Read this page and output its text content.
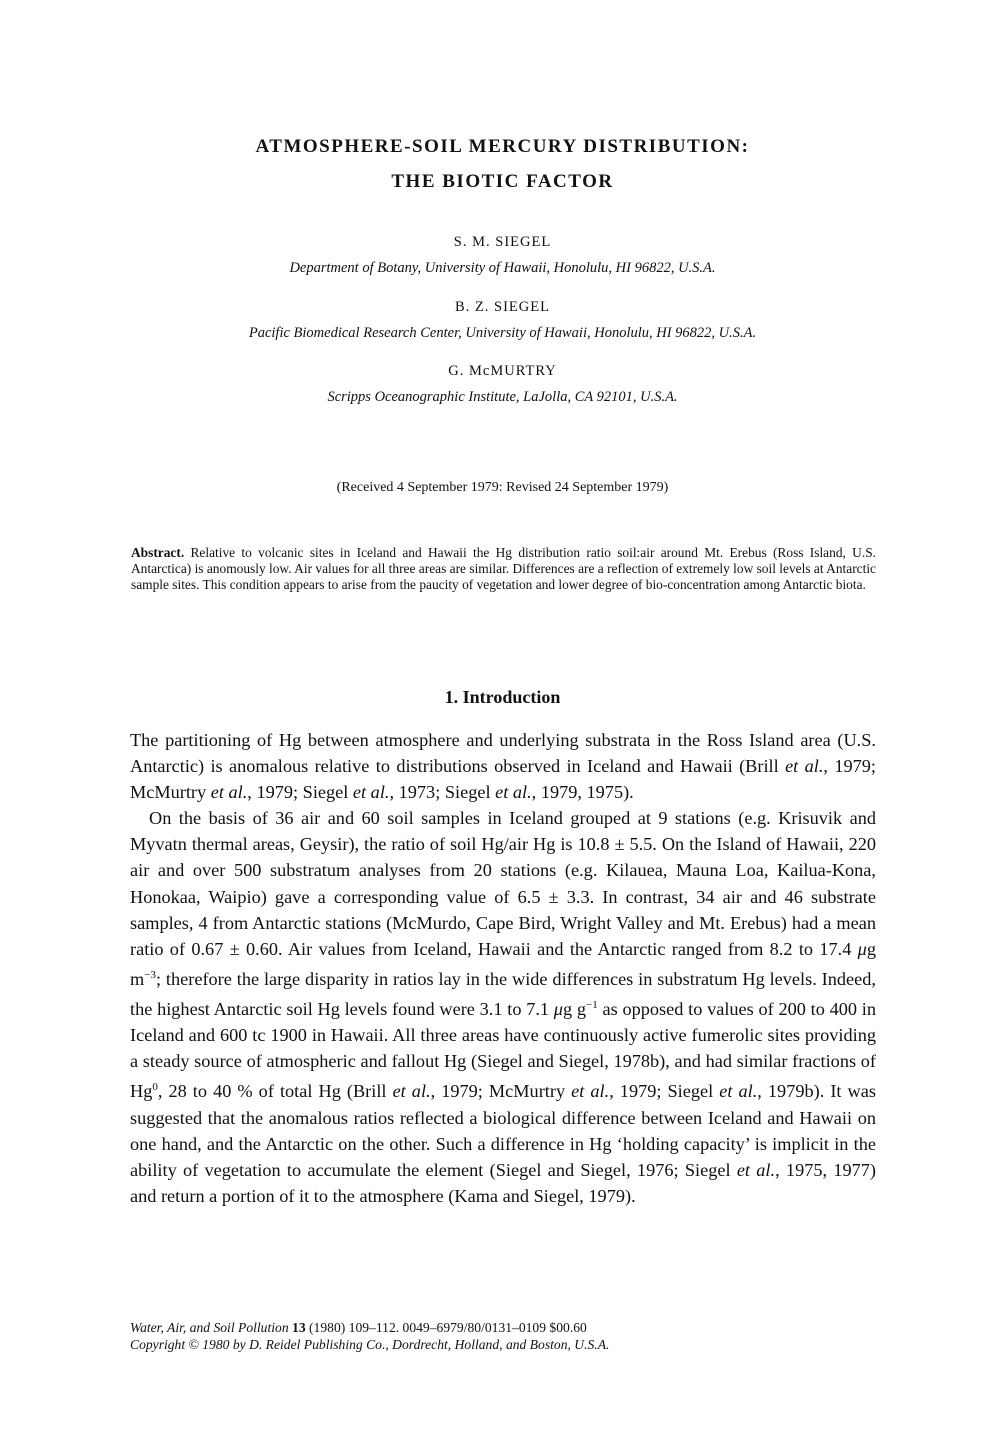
ATMOSPHERE-SOIL MERCURY DISTRIBUTION:
THE BIOTIC FACTOR
S. M. SIEGEL
Department of Botany, University of Hawaii, Honolulu, HI 96822, U.S.A.
B. Z. SIEGEL
Pacific Biomedical Research Center, University of Hawaii, Honolulu, HI 96822, U.S.A.
G. McMURTRY
Scripps Oceanographic Institute, LaJolla, CA 92101, U.S.A.
(Received 4 September 1979: Revised 24 September 1979)
Abstract. Relative to volcanic sites in Iceland and Hawaii the Hg distribution ratio soil:air around Mt. Erebus (Ross Island, U.S. Antarctica) is anomously low. Air values for all three areas are similar. Differences are a reflection of extremely low soil levels at Antarctic sample sites. This condition appears to arise from the paucity of vegetation and lower degree of bio-concentration among Antarctic biota.
1. Introduction

The partitioning of Hg between atmosphere and underlying substrata in the Ross Island area (U.S. Antarctic) is anomalous relative to distributions observed in Iceland and Hawaii (Brill et al., 1979; McMurtry et al., 1979; Siegel et al., 1973; Siegel et al., 1979, 1975).

On the basis of 36 air and 60 soil samples in Iceland grouped at 9 stations (e.g. Krisuvik and Myvatn thermal areas, Geysir), the ratio of soil Hg/air Hg is 10.8 ± 5.5. On the Island of Hawaii, 220 air and over 500 substratum analyses from 20 stations (e.g. Kilauea, Mauna Loa, Kailua-Kona, Honokaa, Waipio) gave a corresponding value of 6.5 ± 3.3. In contrast, 34 air and 46 substrate samples, 4 from Antarctic stations (McMurdo, Cape Bird, Wright Valley and Mt. Erebus) had a mean ratio of 0.67 ± 0.60. Air values from Iceland, Hawaii and the Antarctic ranged from 8.2 to 17.4 μg $m^{-3}$; therefore the large disparity in ratios lay in the wide differences in substratum Hg levels. Indeed, the highest Antarctic soil Hg levels found were 3.1 to 7.1 μg $g^{-1}$ as opposed to values of 200 to 400 in Iceland and 600 tc 1900 in Hawaii. All three areas have continuously active fumerolic sites providing a steady source of atmospheric and fallout Hg (Siegel and Siegel, 1978b), and had similar fractions of Hg$^0$, 28 to 40 % of total Hg (Brill et al., 1979; McMurtry et al., 1979; Siegel et al., 1979b). It was suggested that the anomalous ratios reflected a biological difference between Iceland and Hawaii on one hand, and the Antarctic on the other. Such a difference in Hg ‘holding capacity’ is implicit in the ability of vegetation to accumulate the element (Siegel and Siegel, 1976; Siegel et al., 1975, 1977) and return a portion of it to the atmosphere (Kama and Siegel, 1979).

Water, Air, and Soil Pollution 13 (1980) 109–112. 0049–6979/80/0131–0109 $00.60
Copyright © 1980 by D. Reidel Publishing Co., Dordrecht, Holland, and Boston, U.S.A.
